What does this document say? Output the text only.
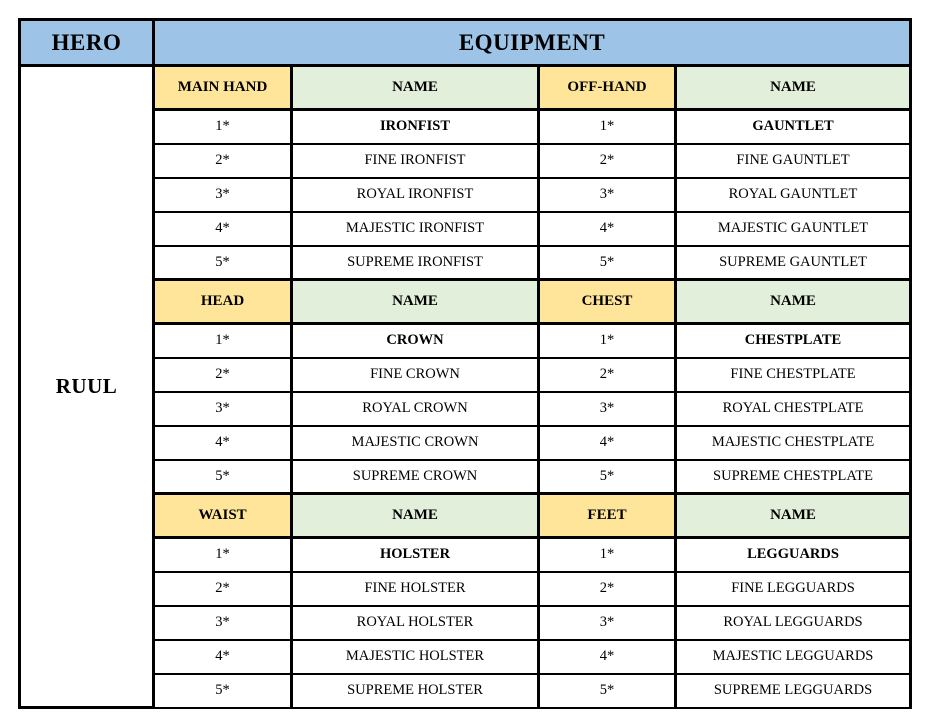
HERO	EQUIPMENT			
RUUL	MAIN HAND	NAME	OFF-HAND	NAME
	1*	IRONFIST	1*	GAUNTLET
	2*	FINE IRONFIST	2*	FINE GAUNTLET
	3*	ROYAL IRONFIST	3*	ROYAL GAUNTLET
	4*	MAJESTIC IRONFIST	4*	MAJESTIC GAUNTLET
	5*	SUPREME IRONFIST	5*	SUPREME GAUNTLET
	HEAD	NAME	CHEST	NAME
	1*	CROWN	1*	CHESTPLATE
	2*	FINE CROWN	2*	FINE CHESTPLATE
	3*	ROYAL CROWN	3*	ROYAL CHESTPLATE
	4*	MAJESTIC CROWN	4*	MAJESTIC CHESTPLATE
	5*	SUPREME CROWN	5*	SUPREME CHESTPLATE
	WAIST	NAME	FEET	NAME
	1*	HOLSTER	1*	LEGGUARDS
	2*	FINE HOLSTER	2*	FINE LEGGUARDS
	3*	ROYAL HOLSTER	3*	ROYAL LEGGUARDS
	4*	MAJESTIC HOLSTER	4*	MAJESTIC LEGGUARDS
	5*	SUPREME HOLSTER	5*	SUPREME LEGGUARDS
